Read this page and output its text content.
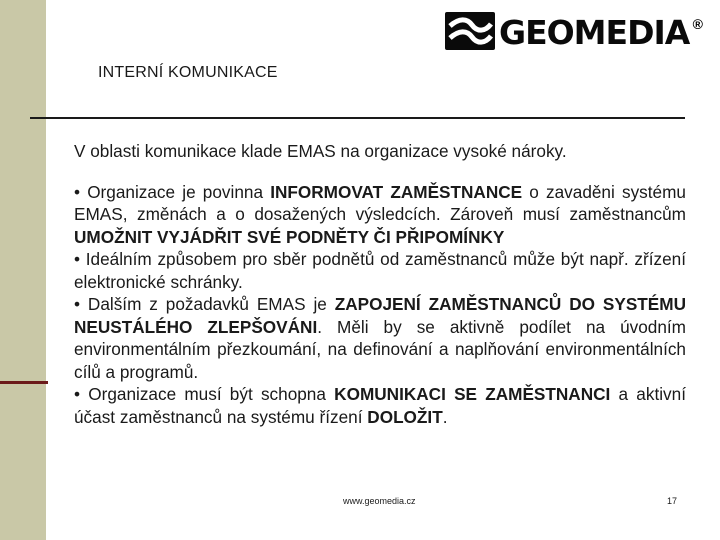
GEOMEDIA ®
INTERNÍ KOMUNIKACE

V oblasti komunikace klade EMAS na organizace vysoké nároky.

• Organizace je povinna INFORMOVAT ZAMĚSTNANCE o zavaděni systému EMAS, změnách a o dosažených výsledcích. Zároveň musí zaměstnancům UMOŽNIT VYJÁDŘIT SVÉ PODNĚTY ČI PŘIPOMÍNKY
• Ideálním způsobem pro sběr podnětů od zaměstnanců může být např. zřízení elektronické schránky.
• Dalším z požadavků EMAS je ZAPOJENÍ ZAMĚSTNANCŮ DO SYSTÉMU NEUSTÁLÉHO ZLEPŠOVÁNI. Měli by se aktivně podílet na úvodním environmentálním přezkoumání, na definování a naplňování environmentálních cílů a programů.
• Organizace musí být schopna KOMUNIKACI SE ZAMĚSTNANCI a aktivní účast zaměstnanců na systému řízení DOLOŽIT.

www.geomedia.cz	17
